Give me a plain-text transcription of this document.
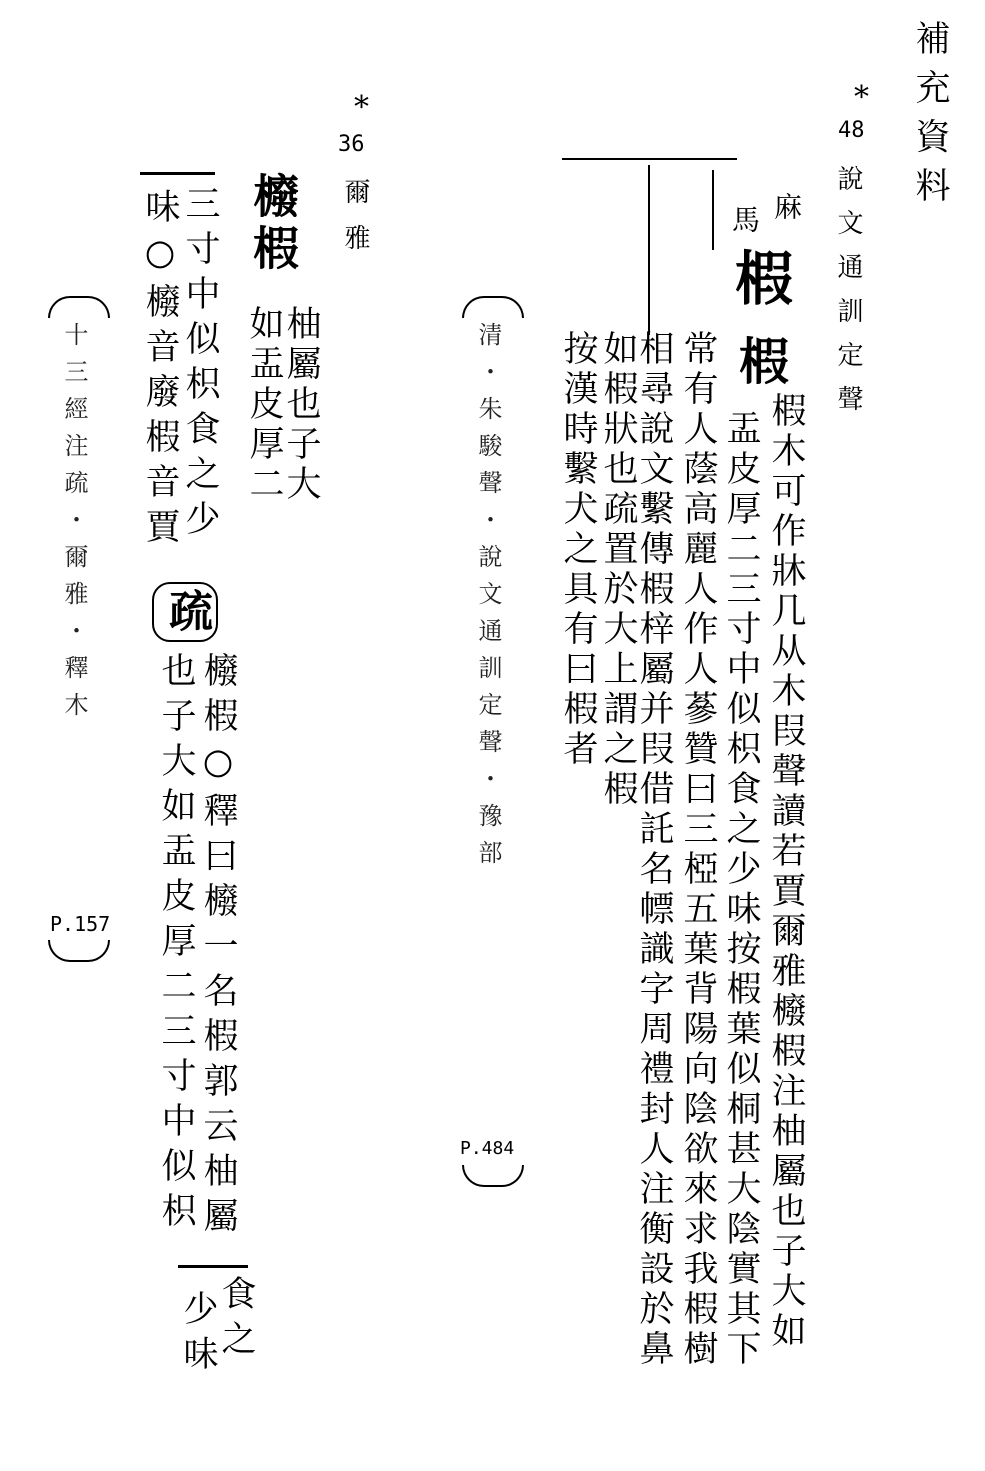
補充資料
*
48
說文通訓定聲
麻
馬
椵
椵
椵木可作牀几从木叚聲讀若賈爾雅櫠椵注柚屬也子大如
盂皮厚二三寸中似枳食之少味按椵葉似桐甚大陰實其下
常有人蔭高麗人作人蔘贊曰三椏五葉背陽向陰欲來求我椵樹
相尋說文繫傳椵梓屬并叚借託名幖識字周禮封人注衡設於鼻
如椵狀也疏置於大上謂之椵
按漢時繫犬之具有曰椵者
清・朱駿聲・說文通訓定聲・豫部
P.484
*
36
爾雅
櫠椵
柚屬也子大
如盂皮厚二
三寸中似枳食之少
味○櫠音廢椵音賈
疏
櫠椵○釋曰櫠一名椵郭云柚屬
也子大如盂皮厚二三寸中似枳
食之
少味
十三經注疏・爾雅・釋木
P.157
